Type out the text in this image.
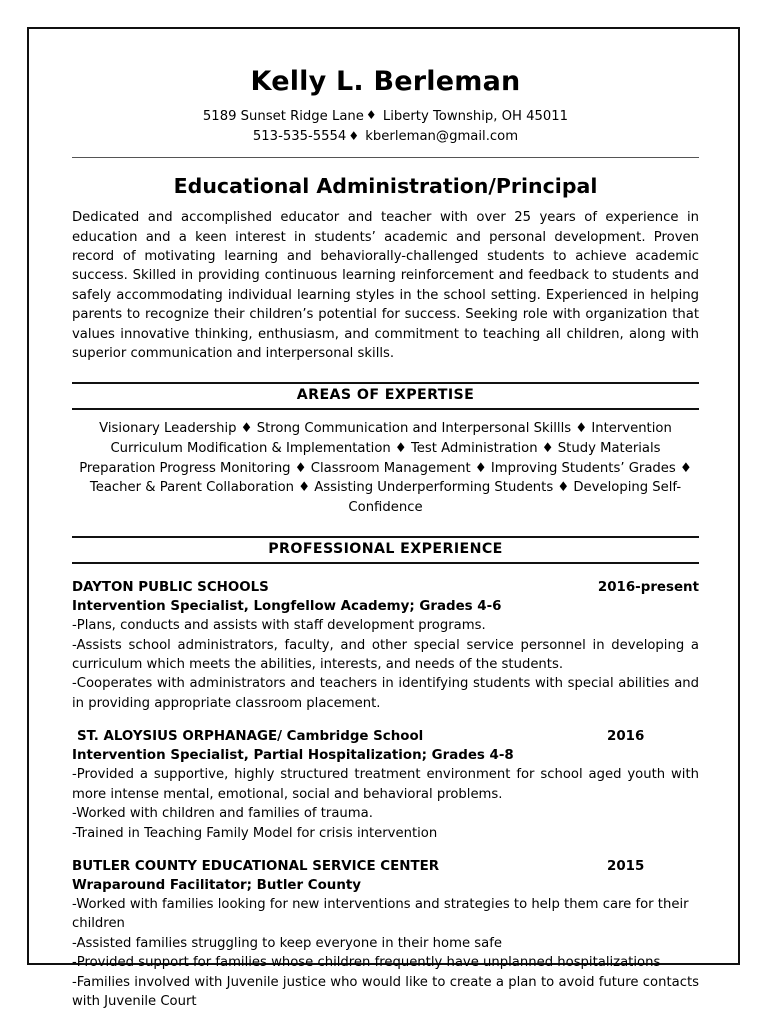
Kelly L. Berleman
5189 Sunset Ridge Lane ♦ Liberty Township, OH 45011
513-535-5554 ♦ kberleman@gmail.com
Educational Administration/Principal

Dedicated and accomplished educator and teacher with over 25 years of experience in education and a keen interest in students’ academic and personal development. Proven record of motivating learning and behaviorally-challenged students to achieve academic success. Skilled in providing continuous learning reinforcement and feedback to students and safely accommodating individual learning styles in the school setting. Experienced in helping parents to recognize their children’s potential for success. Seeking role with organization that values innovative thinking, enthusiasm, and commitment to teaching all children, along with superior communication and interpersonal skills.

AREAS OF EXPERTISE

Visionary Leadership ♦ Strong Communication and Interpersonal Skillls ♦ Intervention Curriculum Modification & Implementation ♦ Test Administration ♦ Study Materials Preparation Progress Monitoring ♦ Classroom Management ♦ Improving Students’ Grades ♦ Teacher & Parent Collaboration ♦ Assisting Underperforming Students ♦ Developing Self-Confidence

PROFESSIONAL EXPERIENCE
DAYTON PUBLIC SCHOOLS	2016-present
Intervention Specialist, Longfellow Academy; Grades 4-6

-Plans, conducts and assists with staff development programs.

-Assists school administrators, faculty, and other special service personnel in developing a curriculum which meets the abilities, interests, and needs of the students.

-Cooperates with administrators and teachers in identifying students with special abilities and in providing appropriate classroom placement.

ST. ALOYSIUS ORPHANAGE/ Cambridge School	2016
Intervention Specialist, Partial Hospitalization; Grades 4-8

-Provided a supportive, highly structured treatment environment for school aged youth with more intense mental, emotional, social and behavioral problems.

-Worked with children and families of trauma.

-Trained in Teaching Family Model for crisis intervention

BUTLER COUNTY EDUCATIONAL SERVICE CENTER	2015
Wraparound Facilitator; Butler County

-Worked with families looking for new interventions and strategies to help them care for their children

-Assisted families struggling to keep everyone in their home safe

-Provided support for families whose children frequently have unplanned hospitalizations

-Families involved with Juvenile justice who would like to create a plan to avoid future contacts with Juvenile Court
